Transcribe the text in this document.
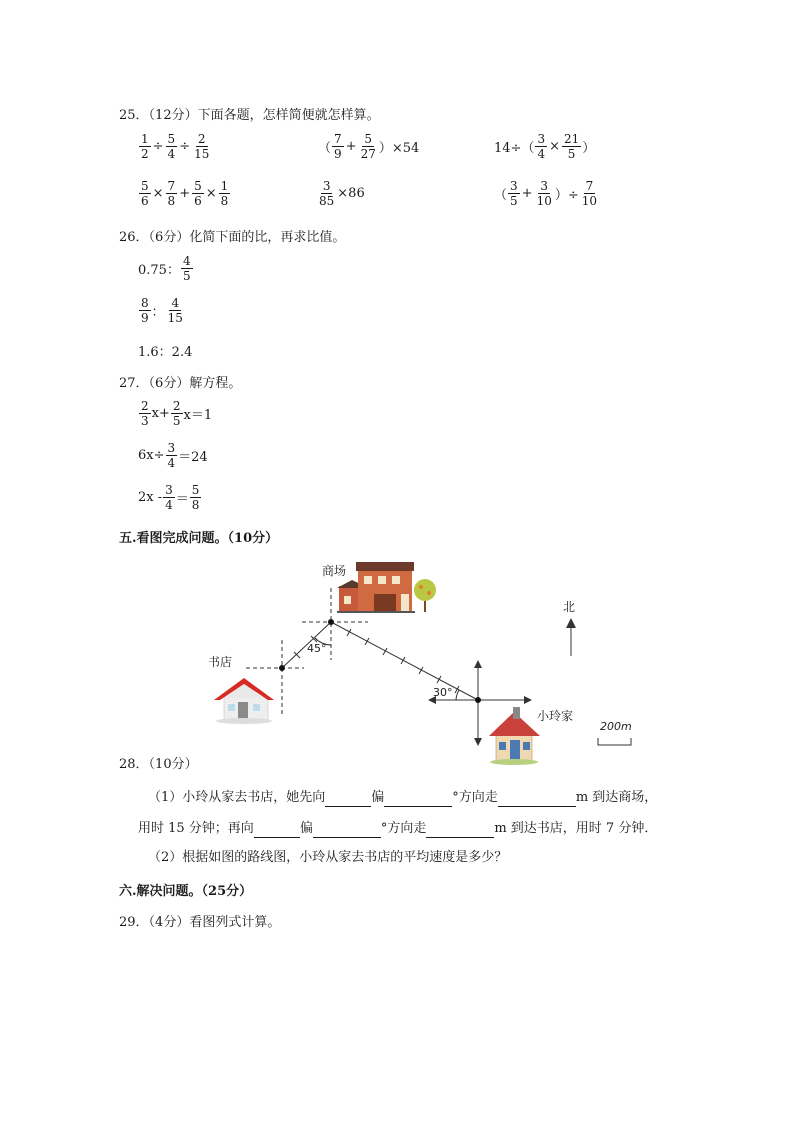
25．（12分）下面各题，怎样简便就怎样算。
$\frac{1}{2} \div \frac{5}{4} \div \frac{2}{15}$	（ $\frac{7}{9} + \frac{5}{27} )\times 54$	$14\div( \frac{3}{4} \times \frac{21}{5}$ ）
$\frac{5}{6} \times \frac{7}{8} + \frac{5}{6} \times \frac{1}{8}$	$\frac{3}{85} \times 86$	（ $\frac{3}{5} + \frac{3}{10}$ ）÷ $\frac{7}{10}$
26．（6分）化简下面的比，再求比值。
0.75： $\frac{4}{5}$
$\frac{8}{9}$ ： $\frac{4}{15}$
1.6：2.4
27．（6分）解方程。
$\frac{2}{3} x+ \frac{2}{5} x=1$
$6x\div \frac{3}{4} =24$
$2x - \frac{3}{4} = \frac{5}{8}$
五.看图完成问题。（10分）
商场
书店
小玲家
北
45°
30°
200m
28．（10分）
（1）小玲从家去书店，她先向	偏	°方向走	m 到达商场，
用时 15 分钟；再向	偏	°方向走	m 到达书店，用时 7 分钟．
（2）根据如图的路线图，小玲从家去书店的平均速度是多少？
六.解决问题。（25分）
29．（4分）看图列式计算。
